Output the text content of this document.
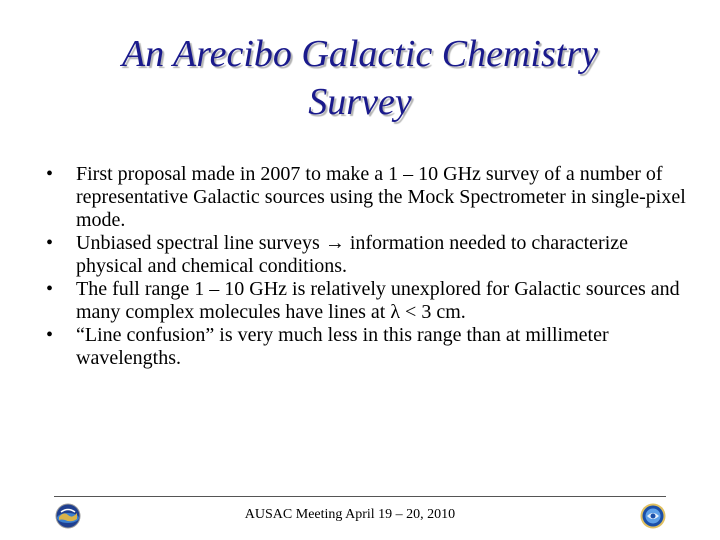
An Arecibo Galactic Chemistry
Survey
•	First proposal made in 2007 to make a 1 – 10 GHz survey of a number of representative Galactic sources using the Mock Spectrometer in single-pixel mode.
•	Unbiased spectral line surveys → information needed to characterize physical and chemical conditions.
•	The full range 1 – 10 GHz is relatively unexplored for Galactic sources and many complex molecules have lines at λ < 3 cm.
•	“Line confusion” is very much less in this range than at millimeter wavelengths.
AUSAC Meeting April 19 – 20, 2010
